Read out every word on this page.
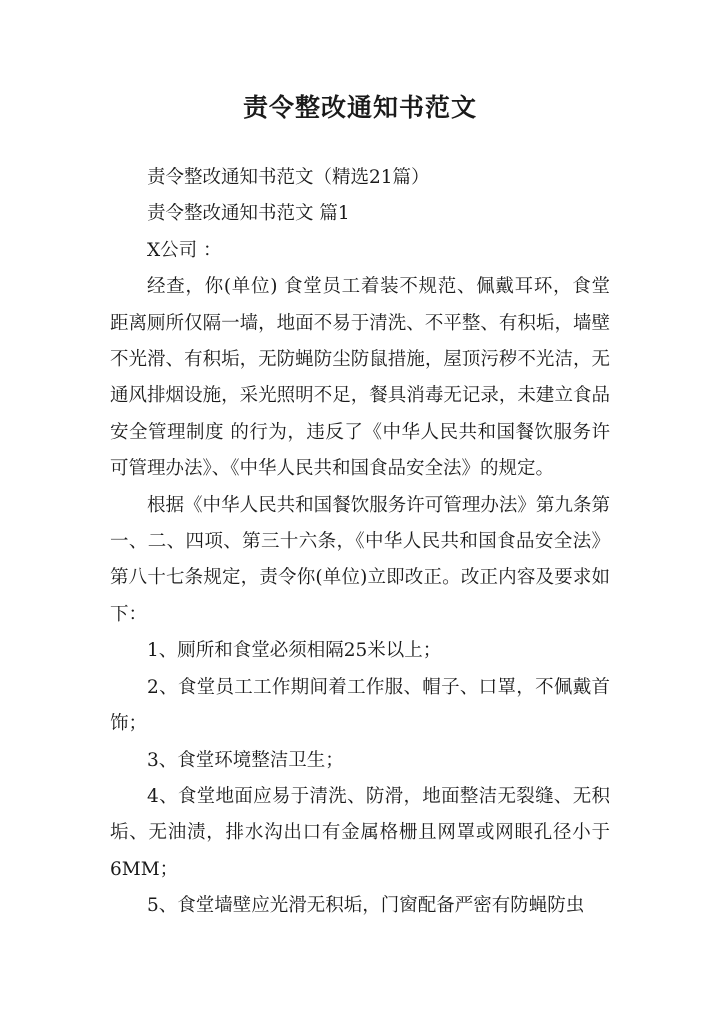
责令整改通知书范文

责令整改通知书范文（精选21篇）

责令整改通知书范文 篇1

X公司 ：

经查，你(单位) 食堂员工着装不规范、佩戴耳环，食堂距离厕所仅隔一墙，地面不易于清洗、不平整、有积垢，墙壁不光滑、有积垢，无防蝇防尘防鼠措施，屋顶污秽不光洁，无通风排烟设施，采光照明不足，餐具消毒无记录，未建立食品安全管理制度 的行为，违反了《中华人民共和国餐饮服务许可管理办法》、《中华人民共和国食品安全法》的规定。

根据《中华人民共和国餐饮服务许可管理办法》第九条第一、二、四项、第三十六条，《中华人民共和国食品安全法》第八十七条规定，责令你(单位)立即改正。改正内容及要求如下：

1、厕所和食堂必须相隔25米以上；

2、食堂员工工作期间着工作服、帽子、口罩，不佩戴首饰；

3、食堂环境整洁卫生；

4、食堂地面应易于清洗、防滑，地面整洁无裂缝、无积垢、无油渍，排水沟出口有金属格栅且网罩或网眼孔径小于6MM；

5、食堂墙壁应光滑无积垢，门窗配备严密有防蝇防虫
